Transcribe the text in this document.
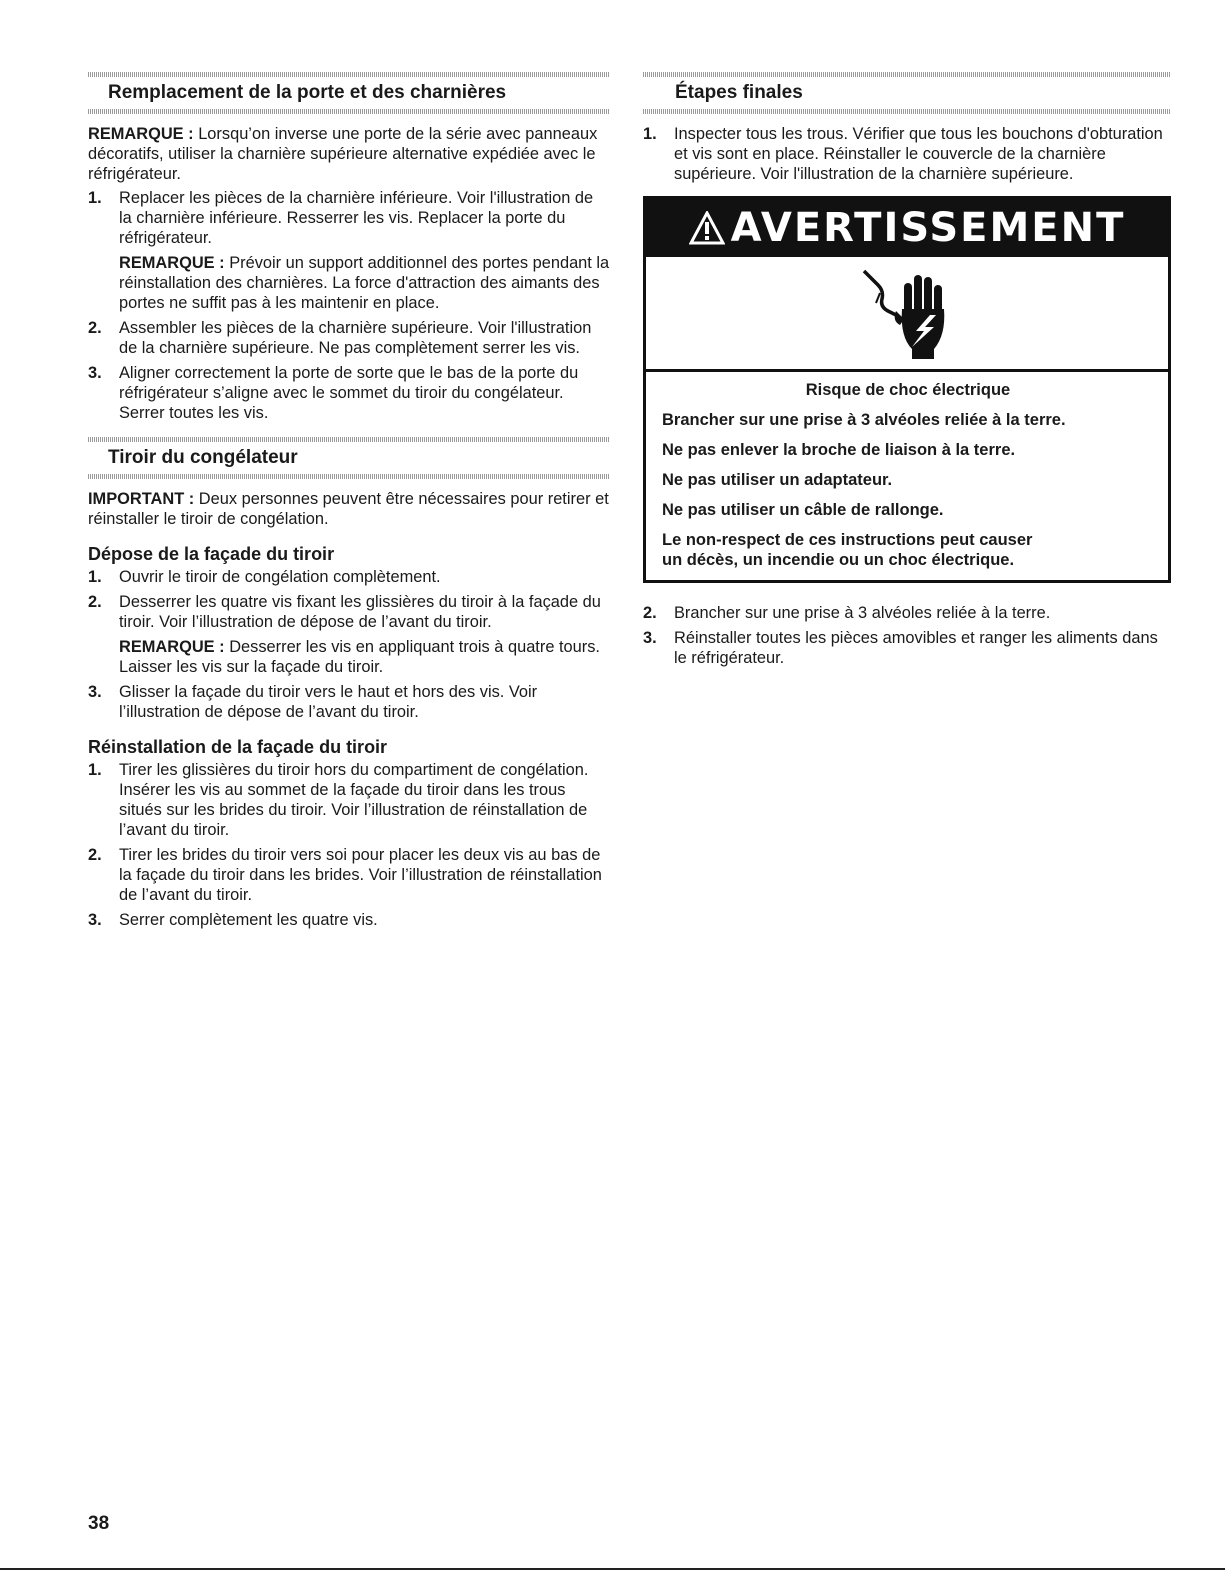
Remplacement de la porte et des charnières

REMARQUE : Lorsqu’on inverse une porte de la série avec panneaux décoratifs, utiliser la charnière supérieure alternative expédiée avec le réfrigérateur.

1. Replacer les pièces de la charnière inférieure. Voir l'illustration de la charnière inférieure. Resserrer les vis. Replacer la porte du réfrigérateur.
REMARQUE : Prévoir un support additionnel des portes pendant la réinstallation des charnières. La force d'attraction des aimants des portes ne suffit pas à les maintenir en place.
2. Assembler les pièces de la charnière supérieure. Voir l'illustration de la charnière supérieure. Ne pas complètement serrer les vis.
3. Aligner correctement la porte de sorte que le bas de la porte du réfrigérateur s’aligne avec le sommet du tiroir du congélateur. Serrer toutes les vis.
Tiroir du congélateur

IMPORTANT : Deux personnes peuvent être nécessaires pour retirer et réinstaller le tiroir de congélation.

Dépose de la façade du tiroir
1. Ouvrir le tiroir de congélation complètement.
2. Desserrer les quatre vis fixant les glissières du tiroir à la façade du tiroir. Voir l’illustration de dépose de l’avant du tiroir.
REMARQUE : Desserrer les vis en appliquant trois à quatre tours. Laisser les vis sur la façade du tiroir.
3. Glisser la façade du tiroir vers le haut et hors des vis. Voir l’illustration de dépose de l’avant du tiroir.
Réinstallation de la façade du tiroir
1. Tirer les glissières du tiroir hors du compartiment de congélation. Insérer les vis au sommet de la façade du tiroir dans les trous situés sur les brides du tiroir. Voir l’illustration de réinstallation de l’avant du tiroir.
2. Tirer les brides du tiroir vers soi pour placer les deux vis au bas de la façade du tiroir dans les brides. Voir l’illustration de réinstallation de l’avant du tiroir.
3. Serrer complètement les quatre vis.
Étapes finales
1. Inspecter tous les trous. Vérifier que tous les bouchons d'obturation et vis sont en place. Réinstaller le couvercle de la charnière supérieure. Voir l'illustration de la charnière supérieure.
AVERTISSEMENT

Risque de choc électrique

Brancher sur une prise à 3 alvéoles reliée à la terre.

Ne pas enlever la broche de liaison à la terre.

Ne pas utiliser un adaptateur.

Ne pas utiliser un câble de rallonge.

Le non-respect de ces instructions peut causer
un décès, un incendie ou un choc électrique.

2. Brancher sur une prise à 3 alvéoles reliée à la terre.
3. Réinstaller toutes les pièces amovibles et ranger les aliments dans le réfrigérateur.
38
